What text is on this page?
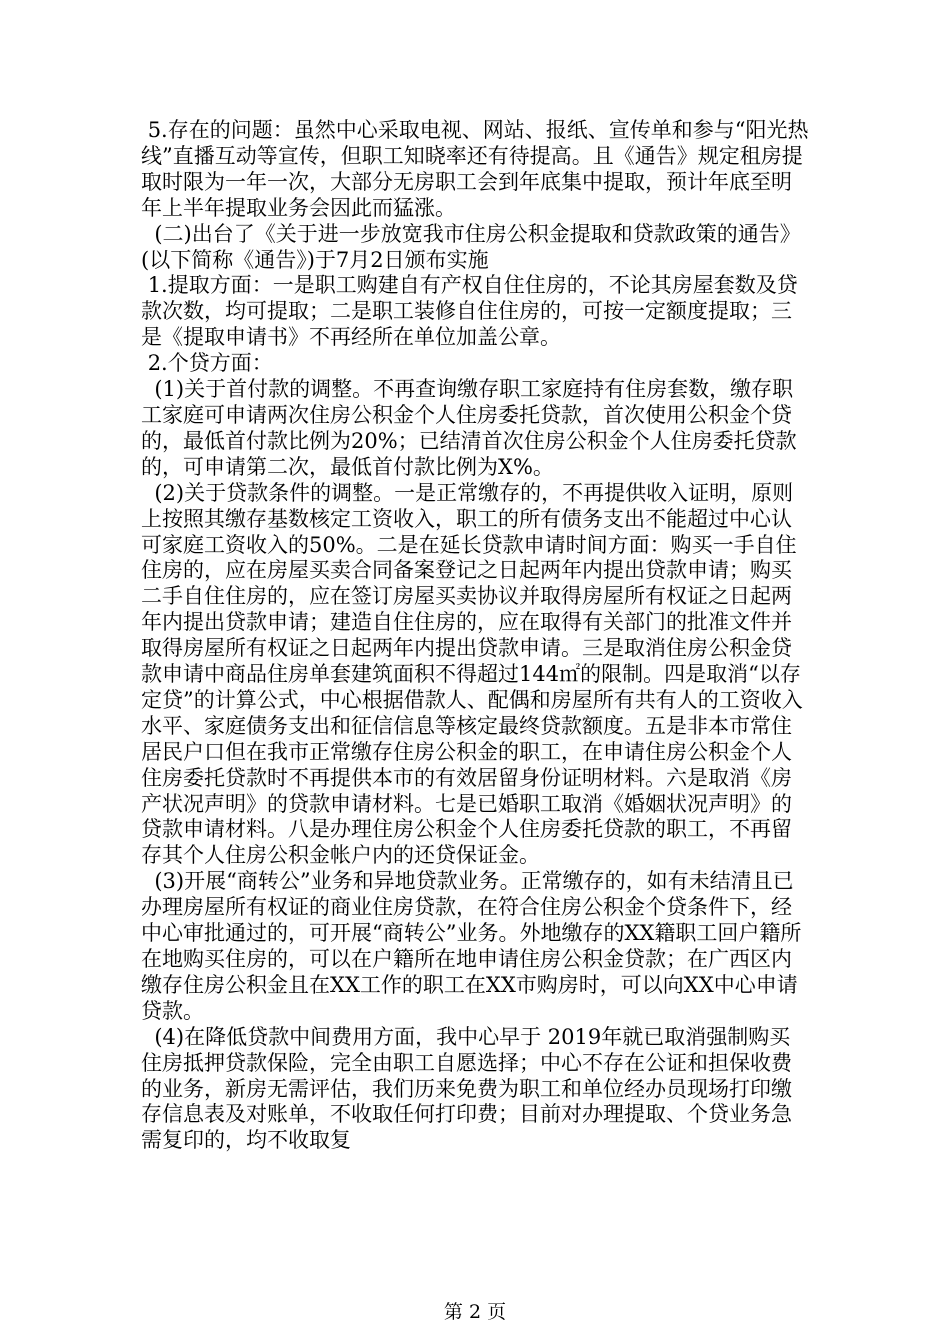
5.存在的问题：虽然中心采取电视、网站、报纸、宣传单和参与“阳光热线”直播互动等宣传，但职工知晓率还有待提高。且《通告》规定租房提取时限为一年一次，大部分无房职工会到年底集中提取，预计年底至明年上半年提取业务会因此而猛涨。

(二)出台了《关于进一步放宽我市住房公积金提取和贷款政策的通告》(以下简称《通告》)于7月2日颁布实施

1.提取方面：一是职工购建自有产权自住住房的，不论其房屋套数及贷款次数，均可提取；二是职工装修自住住房的，可按一定额度提取；三是《提取申请书》不再经所在单位加盖公章。

2.个贷方面：

(1)关于首付款的调整。不再查询缴存职工家庭持有住房套数，缴存职工家庭可申请两次住房公积金个人住房委托贷款，首次使用公积金个贷的，最低首付款比例为20%；已结清首次住房公积金个人住房委托贷款的，可申请第二次，最低首付款比例为X%。

(2)关于贷款条件的调整。一是正常缴存的，不再提供收入证明，原则上按照其缴存基数核定工资收入，职工的所有债务支出不能超过中心认可家庭工资收入的50%。二是在延长贷款申请时间方面：购买一手自住住房的，应在房屋买卖合同备案登记之日起两年内提出贷款申请；购买二手自住住房的，应在签订房屋买卖协议并取得房屋所有权证之日起两年内提出贷款申请；建造自住住房的，应在取得有关部门的批准文件并取得房屋所有权证之日起两年内提出贷款申请。三是取消住房公积金贷款申请中商品住房单套建筑面积不得超过144㎡的限制。四是取消“以存定贷”的计算公式，中心根据借款人、配偶和房屋所有共有人的工资收入水平、家庭债务支出和征信信息等核定最终贷款额度。五是非本市常住居民户口但在我市正常缴存住房公积金的职工，在申请住房公积金个人住房委托贷款时不再提供本市的有效居留身份证明材料。六是取消《房产状况声明》的贷款申请材料。七是已婚职工取消《婚姻状况声明》的贷款申请材料。八是办理住房公积金个人住房委托贷款的职工，不再留存其个人住房公积金帐户内的还贷保证金。

(3)开展“商转公”业务和异地贷款业务。正常缴存的，如有未结清且已办理房屋所有权证的商业住房贷款，在符合住房公积金个贷条件下，经中心审批通过的，可开展“商转公”业务。外地缴存的XX籍职工回户籍所在地购买住房的，可以在户籍所在地申请住房公积金贷款；在广西区内缴存住房公积金且在XX工作的职工在XX市购房时，可以向XX中心申请贷款。

(4)在降低贷款中间费用方面，我中心早于 2019年就已取消强制购买住房抵押贷款保险，完全由职工自愿选择；中心不存在公证和担保收费的业务，新房无需评估，我们历来免费为职工和单位经办员现场打印缴存信息表及对账单，不收取任何打印费；目前对办理提取、个贷业务急需复印的，均不收取复

第 2 页
